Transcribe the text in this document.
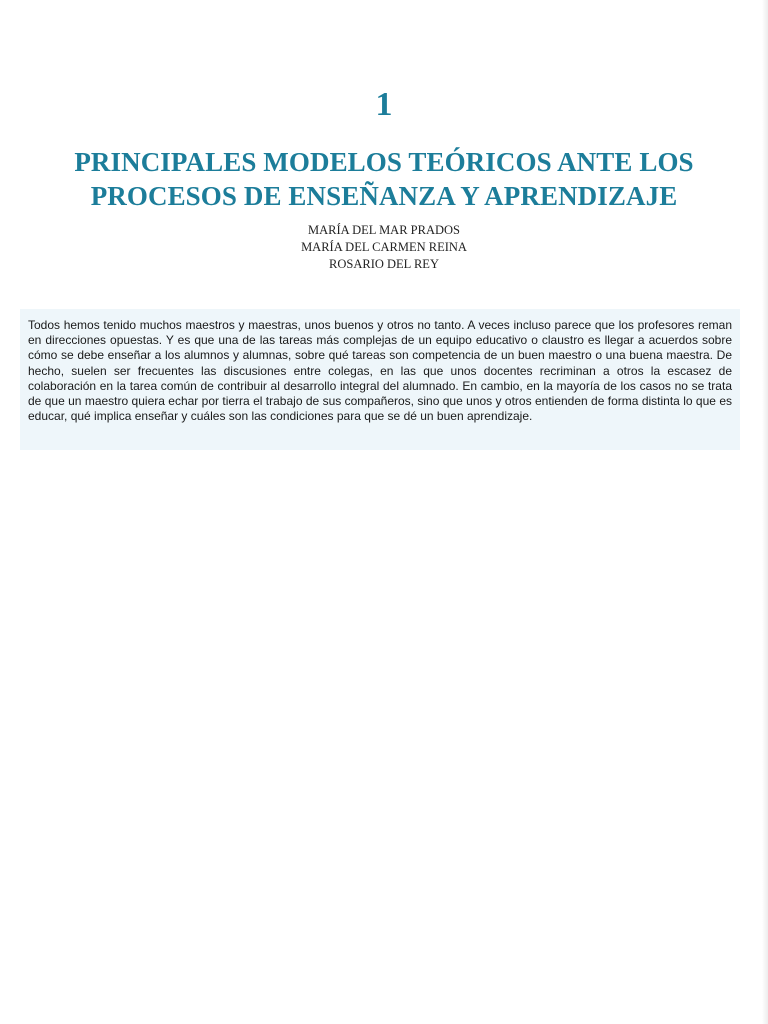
1
PRINCIPALES MODELOS TEÓRICOS ANTE LOS
PROCESOS DE ENSEÑANZA Y APRENDIZAJE
MARÍA DEL MAR PRADOS
MARÍA DEL CARMEN REINA
ROSARIO DEL REY

Todos hemos tenido muchos maestros y maestras, unos buenos y otros no tanto. A veces incluso parece que los profesores reman en direcciones opuestas. Y es que una de las tareas más complejas de un equipo educativo o claustro es llegar a acuerdos sobre cómo se debe enseñar a los alumnos y alumnas, sobre qué tareas son competencia de un buen maestro o una buena maestra. De hecho, suelen ser frecuentes las discusiones entre colegas, en las que unos docentes recriminan a otros la escasez de colaboración en la tarea común de contribuir al desarrollo integral del alumnado. En cambio, en la mayoría de los casos no se trata de que un maestro quiera echar por tierra el trabajo de sus compañeros, sino que unos y otros entienden de forma distinta lo que es educar, qué implica enseñar y cuáles son las condiciones para que se dé un buen aprendizaje.
